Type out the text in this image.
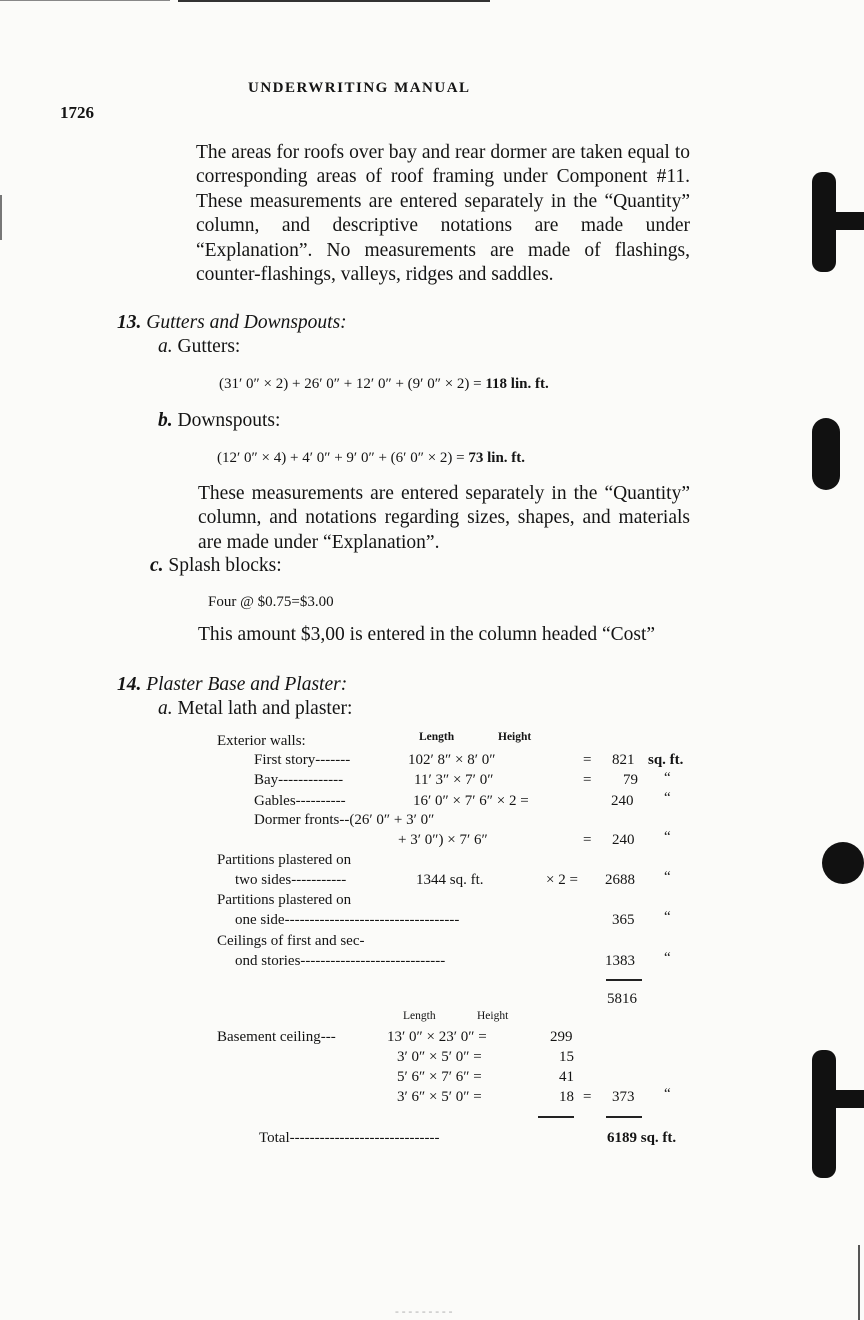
UNDERWRITING MANUAL
1726
The areas for roofs over bay and rear dormer are taken equal to corresponding areas of roof framing under Component #11. These measurements are entered separately in the “Quantity” column, and descriptive notations are made under “Explanation”. No measurements are made of flashings, counter-flashings, valleys, ridges and saddles.
13. Gutters and Downspouts:
a. Gutters:
(31′ 0″ × 2) + 26′ 0″ + 12′ 0″ + (9′ 0″ × 2) = 118 lin. ft.
b. Downspouts:
(12′ 0″ × 4) + 4′ 0″ + 9′ 0″ + (6′ 0″ × 2) = 73 lin. ft.
These measurements are entered separately in the “Quantity” column, and notations regarding sizes, shapes, and materials are made under “Explanation”.
c. Splash blocks:
Four @ $0.75=$3.00
This amount $3,00 is entered in the column headed “Cost”
14. Plaster Base and Plaster:
a. Metal lath and plaster:
Length	Height
Exterior walls:
First story-------	102′ 8″ × 8′ 0″	= 821 sq. ft.
Bay-------------	11′ 3″ × 7′ 0″	= 79 “
Gables----------	16′ 0″ × 7′ 6″ × 2 =	240 “
Dormer fronts--(26′ 0″ + 3′ 0″
+ 3′ 0″) × 7′ 6″	= 240 “
Partitions plastered on
two sides-----------	1344 sq. ft.	× 2 = 2688 “
Partitions plastered on
one side-----------------------------------	365 “
Ceilings of first and sec-
ond stories-----------------------------	1383 “
5816
Length	Height
Basement ceiling---	13′ 0″ × 23′ 0″ =	299
3′ 0″ × 5′ 0″ =	15
5′ 6″ × 7′ 6″ =	41
3′ 6″ × 5′ 0″ =	18 = 373 “
Total------------------------------	6189 sq. ft.
- - - - - - - - -
